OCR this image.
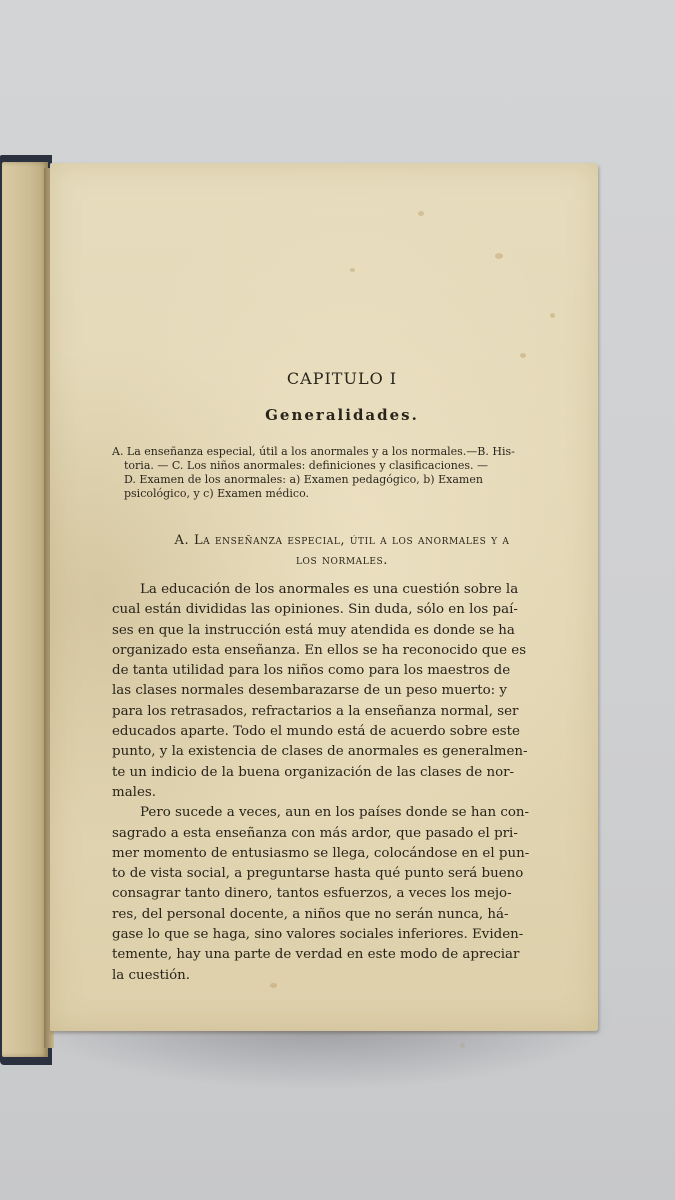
CAPITULO I
Generalidades.
A. La enseñanza especial, útil a los anormales y a los normales.—B. His-
toria. — C. Los niños anormales: definiciones y clasificaciones. —
D. Examen de los anormales: a) Examen pedagógico, b) Examen
psicológico, y c) Examen médico.
A. La enseñanza especial, útil a los anormales y a
los normales.
La educación de los anormales es una cuestión sobre la
cual están divididas las opiniones. Sin duda, sólo en los paí-
ses en que la instrucción está muy atendida es donde se ha
organizado esta enseñanza. En ellos se ha reconocido que es
de tanta utilidad para los niños como para los maestros de
las clases normales desembarazarse de un peso muerto: y
para los retrasados, refractarios a la enseñanza normal, ser
educados aparte. Todo el mundo está de acuerdo sobre este
punto, y la existencia de clases de anormales es generalmen-
te un indicio de la buena organización de las clases de nor-
males.
Pero sucede a veces, aun en los países donde se han con-
sagrado a esta enseñanza con más ardor, que pasado el pri-
mer momento de entusiasmo se llega, colocándose en el pun-
to de vista social, a preguntarse hasta qué punto será bueno
consagrar tanto dinero, tantos esfuerzos, a veces los mejo-
res, del personal docente, a niños que no serán nunca, há-
gase lo que se haga, sino valores sociales inferiores. Eviden-
temente, hay una parte de verdad en este modo de apreciar
la cuestión.
